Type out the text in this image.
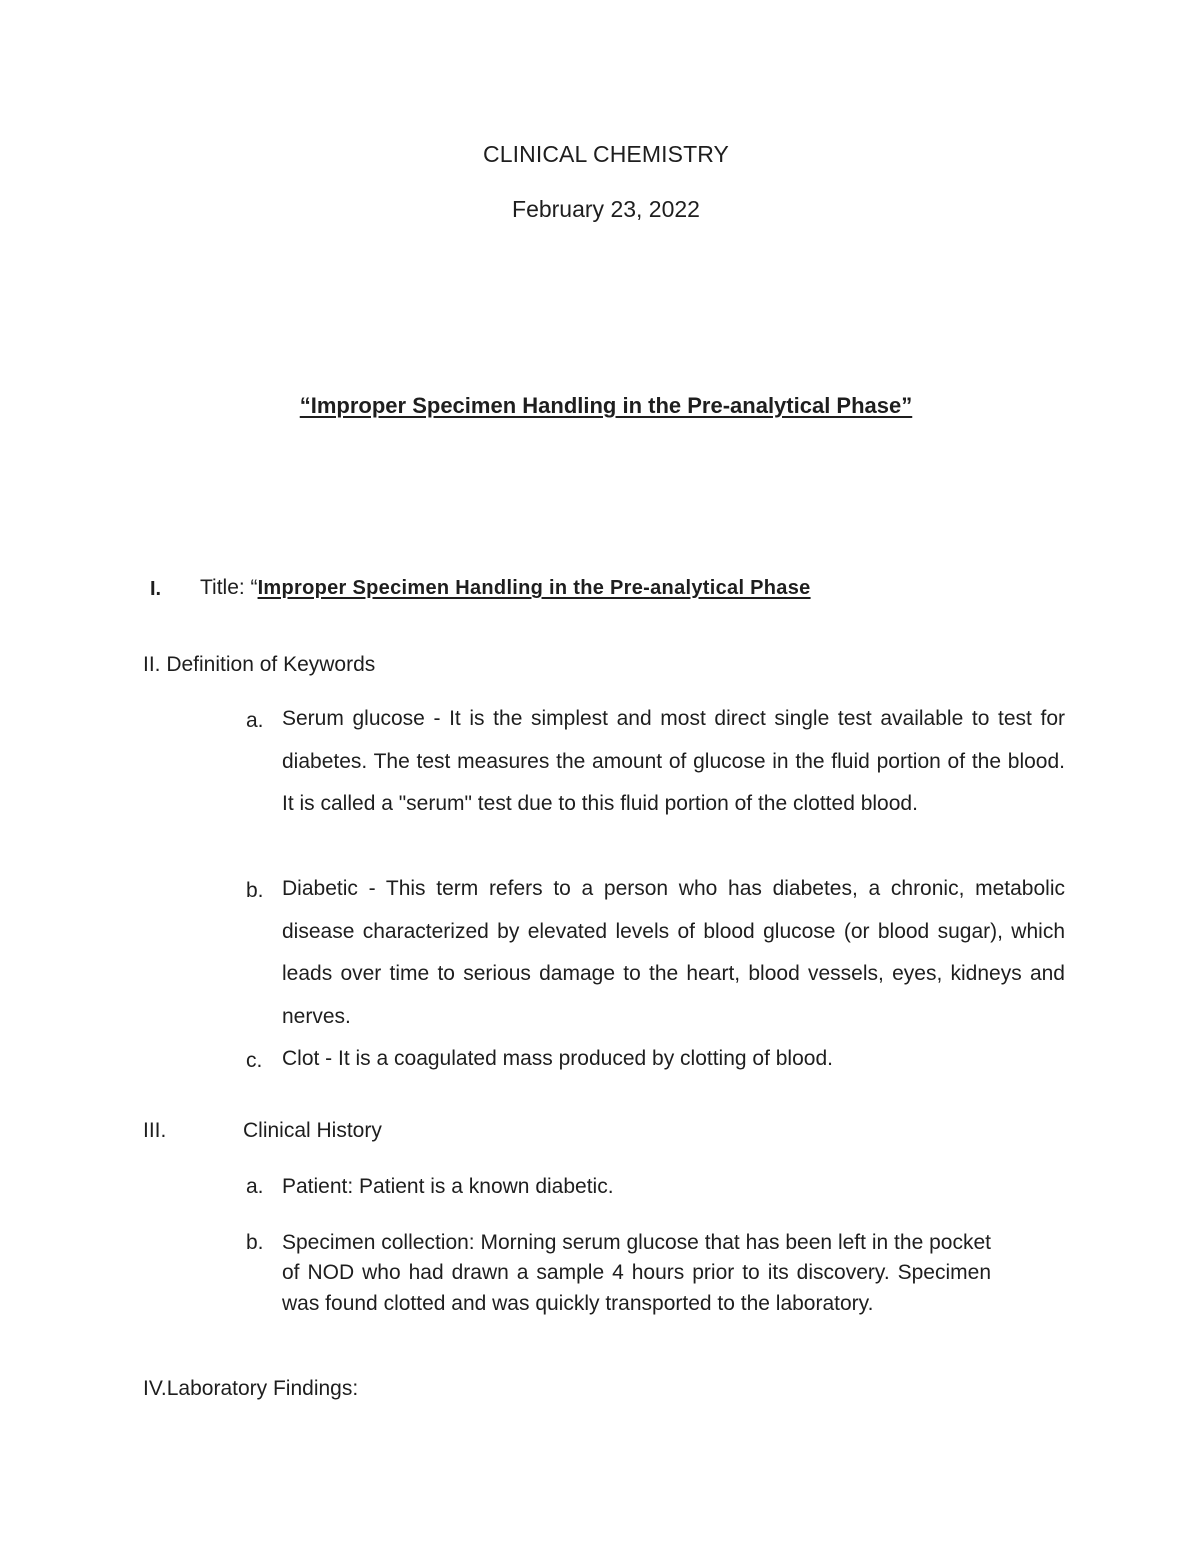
CLINICAL CHEMISTRY
February 23, 2022
“Improper Specimen Handling in the Pre-analytical Phase”
I. Title: “Improper Specimen Handling in the Pre-analytical Phase
II. Definition of Keywords
a. Serum glucose - It is the simplest and most direct single test available to test for diabetes. The test measures the amount of glucose in the fluid portion of the blood. It is called a "serum" test due to this fluid portion of the clotted blood.
b. Diabetic - This term refers to a person who has diabetes, a chronic, metabolic disease characterized by elevated levels of blood glucose (or blood sugar), which leads over time to serious damage to the heart, blood vessels, eyes, kidneys and nerves.
c. Clot - It is a coagulated mass produced by clotting of blood.
III.	Clinical History
a. Patient: Patient is a known diabetic.
b. Specimen collection: Morning serum glucose that has been left in the pocket of NOD who had drawn a sample 4 hours prior to its discovery. Specimen was found clotted and was quickly transported to the laboratory.
IV.Laboratory Findings:
